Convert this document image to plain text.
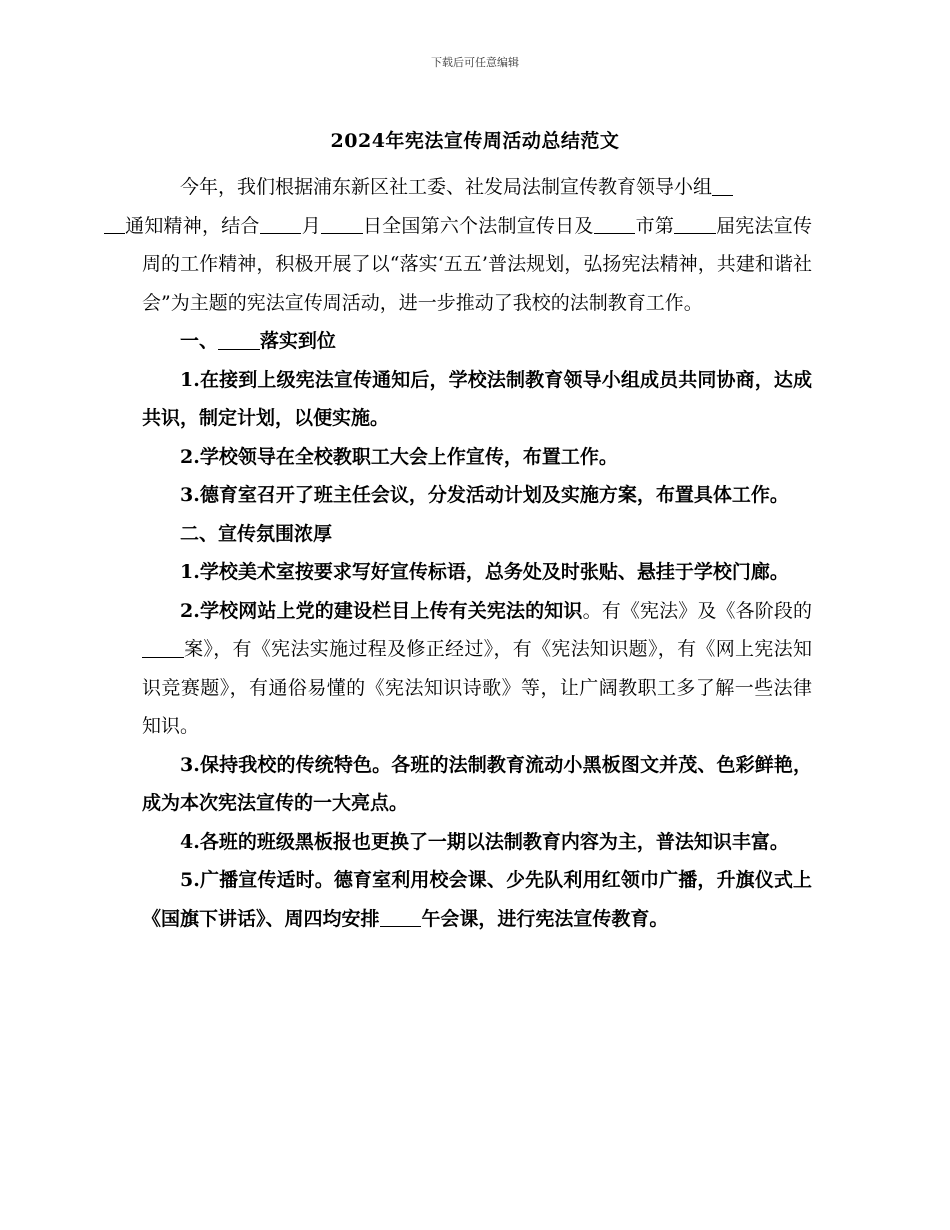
下载后可任意编辑
2024年宪法宣传周活动总结范文

今年，我们根据浦东新区社工委、社发局法制宣传教育领导小组
通知精神，结合 月 日全国第六个法制宣传日及 市第 届宪法宣传周的工作精神，积极开展了以“落实‘五五’普法规划，弘扬宪法精神，共建和谐社会”为主题的宪法宣传周活动，进一步推动了我校的法制教育工作。

一、 落实到位

1.在接到上级宪法宣传通知后，学校法制教育领导小组成员共同协商，达成共识，制定计划，以便实施。

2.学校领导在全校教职工大会上作宣传，布置工作。

3.德育室召开了班主任会议，分发活动计划及实施方案，布置具体工作。

二、宣传氛围浓厚

1.学校美术室按要求写好宣传标语，总务处及时张贴、悬挂于学校门廊。

2.学校网站上党的建设栏目上传有关宪法的知识。有《宪法》及《各阶段的案》，有《宪法实施过程及修正经过》，有《宪法知识题》，有《网上宪法知识竞赛题》，有通俗易懂的《宪法知识诗歌》等，让广阔教职工多了解一些法律知识。

3.保持我校的传统特色。各班的法制教育流动小黑板图文并茂、色彩鲜艳，成为本次宪法宣传的一大亮点。

4.各班的班级黑板报也更换了一期以法制教育内容为主，普法知识丰富。

5.广播宣传适时。德育室利用校会课、少先队利用红领巾广播，升旗仪式上《国旗下讲话》、周四均安排 午会课，进行宪法宣传教育。
